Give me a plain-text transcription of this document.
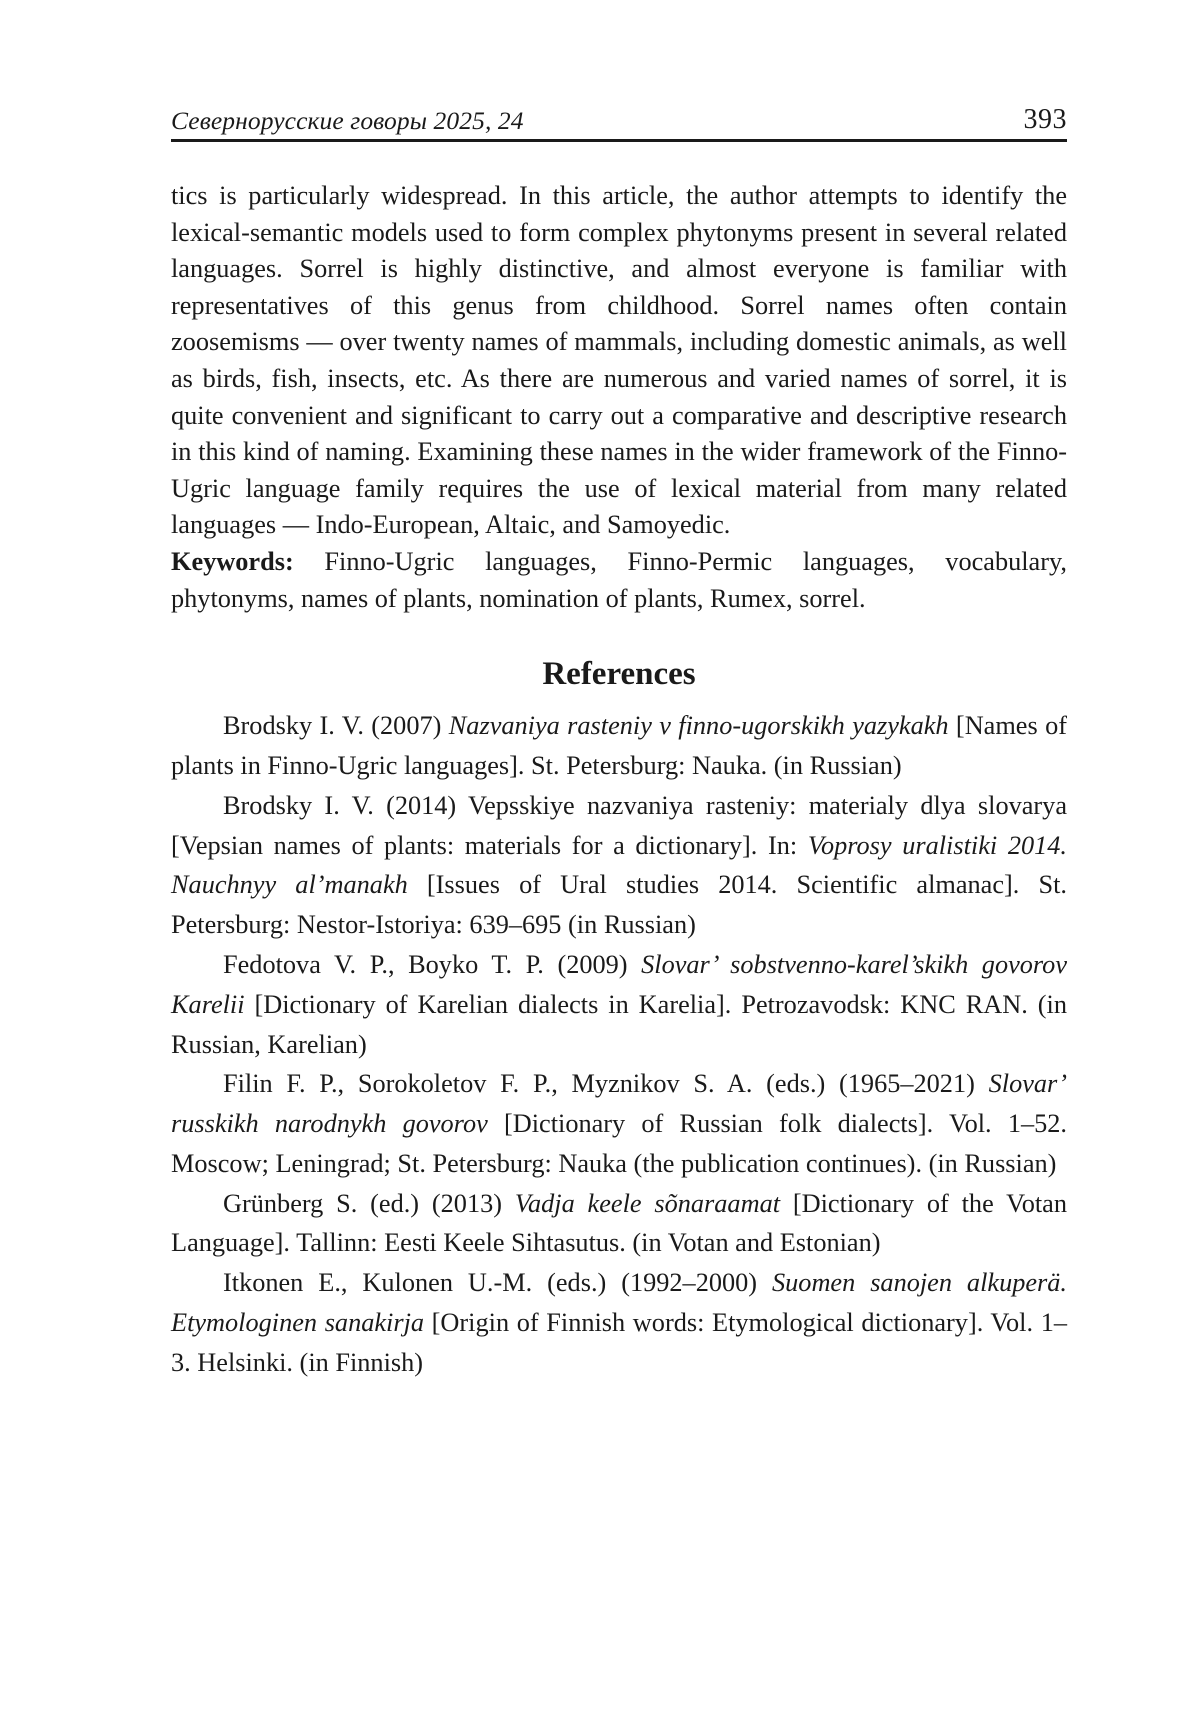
Севернорусские говоры 2025, 24	393

tics is particularly widespread. In this article, the author attempts to identify the lexical-semantic models used to form complex phytonyms present in several related languages. Sorrel is highly distinctive, and almost everyone is familiar with representatives of this genus from childhood. Sorrel names often contain zoosemisms — over twenty names of mammals, including domestic animals, as well as birds, fish, insects, etc. As there are numerous and varied names of sorrel, it is quite convenient and significant to carry out a comparative and descriptive research in this kind of naming. Examining these names in the wider framework of the Finno-Ugric language family requires the use of lexical material from many related languages — Indo-European, Altaic, and Samoyedic.

Keywords: Finno-Ugric languages, Finno-Permic languages, vocabulary, phytonyms, names of plants, nomination of plants, Rumex, sorrel.

References

Brodsky I. V. (2007) Nazvaniya rasteniy v finno-ugorskikh yazykakh [Names of plants in Finno-Ugric languages]. St. Petersburg: Nauka. (in Russian)

Brodsky I. V. (2014) Vepsskiye nazvaniya rasteniy: materialy dlya slovarya [Vepsian names of plants: materials for a dictionary]. In: Voprosy uralistiki 2014. Nauchnyy al’manakh [Issues of Ural studies 2014. Scientific almanac]. St. Petersburg: Nestor-Istoriya: 639–695 (in Russian)

Fedotova V. P., Boyko T. P. (2009) Slovar’ sobstvenno-karel’skikh govorov Karelii [Dictionary of Karelian dialects in Karelia]. Petrozavodsk: KNC RAN. (in Russian, Karelian)

Filin F. P., Sorokoletov F. P., Myznikov S. A. (eds.) (1965–2021) Slovar’ russkikh narodnykh govorov [Dictionary of Russian folk dialects]. Vol. 1–52. Moscow; Leningrad; St. Petersburg: Nauka (the publication continues). (in Russian)

Grünberg S. (ed.) (2013) Vadja keele sõnaraamat [Dictionary of the Votan Language]. Tallinn: Eesti Keele Sihtasutus. (in Votan and Estonian)

Itkonen E., Kulonen U.-M. (eds.) (1992–2000) Suomen sanojen alkuperä. Etymologinen sanakirja [Origin of Finnish words: Etymological dictionary]. Vol. 1–3. Helsinki. (in Finnish)
